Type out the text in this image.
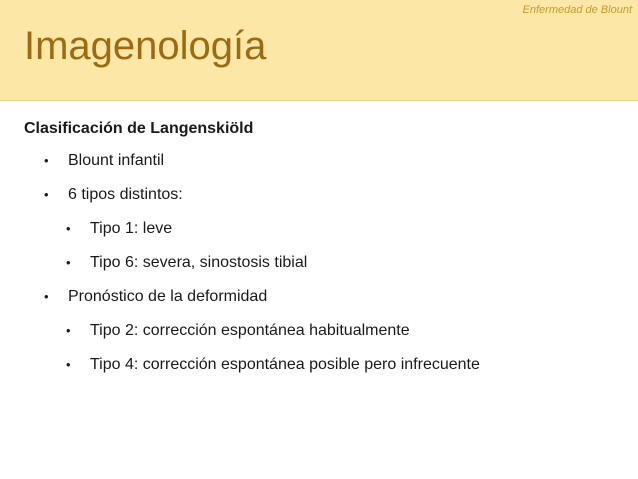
Enfermedad de Blount
Imagenología
Clasificación de Langenskiöld
• Blount infantil
• 6 tipos distintos:
• Tipo 1: leve
• Tipo 6: severa, sinostosis tibial
• Pronóstico de la deformidad
• Tipo 2: corrección espontánea habitualmente
• Tipo 4: corrección espontánea posible pero infrecuente
